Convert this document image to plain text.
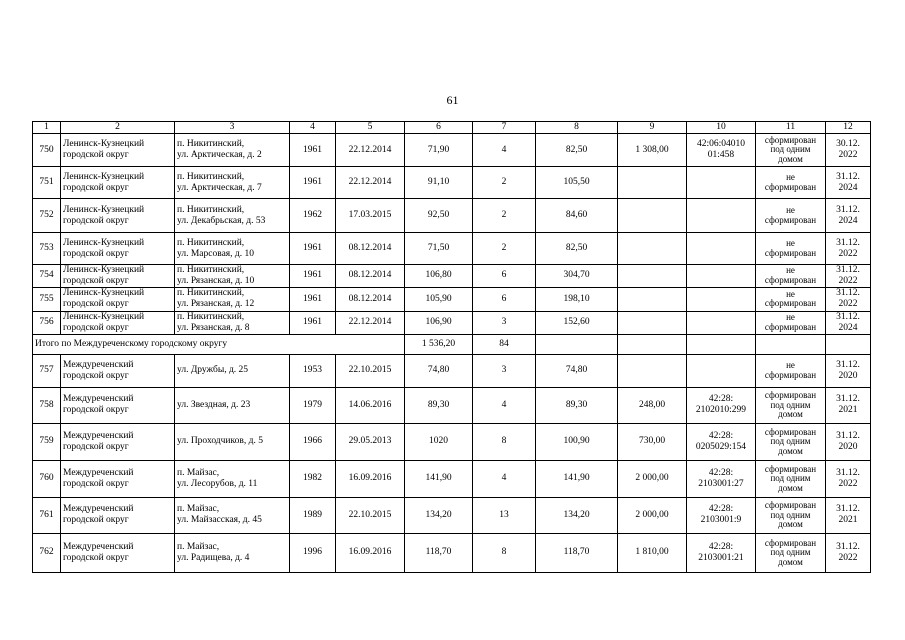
61
1	2	3	4	5	6	7	8	9	10	11	12
750	Ленинск-Кузнецкий
городской округ	п. Никитинский,
ул. Арктическая, д. 2	1961	22.12.2014	71,90	4	82,50	1 308,00	42:06:04010
01:458	сформирован
под одним
домом	30.12.
2022

751	Ленинск-Кузнецкий
городской округ	п. Никитинский,
ул. Арктическая, д. 7	1961	22.12.2014	91,10	2	105,50			не
сформирован	31.12.
2024

752	Ленинск-Кузнецкий
городской округ	п. Никитинский,
ул. Декабрьская, д. 53	1962	17.03.2015	92,50	2	84,60			не
сформирован	31.12.
2024

753	Ленинск-Кузнецкий
городской округ	п. Никитинский,
ул. Марсовая, д. 10	1961	08.12.2014	71,50	2	82,50			не
сформирован	31.12.
2022

754	Ленинск-Кузнецкий
городской округ	п. Никитинский,
ул. Рязанская, д. 10	1961	08.12.2014	106,80	6	304,70			не
сформирован	31.12.
2022

755	Ленинск-Кузнецкий
городской округ	п. Никитинский,
ул. Рязанская, д. 12	1961	08.12.2014	105,90	6	198,10			не
сформирован	31.12.
2022

756	Ленинск-Кузнецкий
городской округ	п. Никитинский,
ул. Рязанская, д. 8	1961	22.12.2014	106,90	3	152,60			не
сформирован	31.12.
2024

Итого по Междуреченскому городскому округу					1 536,20	84					
757	Междуреченский
городской округ	ул. Дружбы, д. 25	1953	22.10.2015	74,80	3	74,80			не
сформирован	31.12.
2020

758	Междуреченский
городской округ	ул. Звездная, д. 23	1979	14.06.2016	89,30	4	89,30	248,00	42:28:
2102010:299	сформирован
под одним
домом	31.12.
2021

759	Междуреченский
городской округ	ул. Проходчиков, д. 5	1966	29.05.2013	1020	8	100,90	730,00	42:28:
0205029:154	сформирован
под одним
домом	31.12.
2020

760	Междуреченский
городской округ	п. Майзас,
ул. Лесорубов, д. 11	1982	16.09.2016	141,90	4	141,90	2 000,00	42:28:
2103001:27	сформирован
под одним
домом	31.12.
2022

761	Междуреченский
городской округ	п. Майзас,
ул. Майзасская, д. 45	1989	22.10.2015	134,20	13	134,20	2 000,00	42:28:
2103001:9	сформирован
под одним
домом	31.12.
2021

762	Междуреченский
городской округ	п. Майзас,
ул. Радищева, д. 4	1996	16.09.2016	118,70	8	118,70	1 810,00	42:28:
2103001:21	сформирован
под одним
домом	31.12.
2022
